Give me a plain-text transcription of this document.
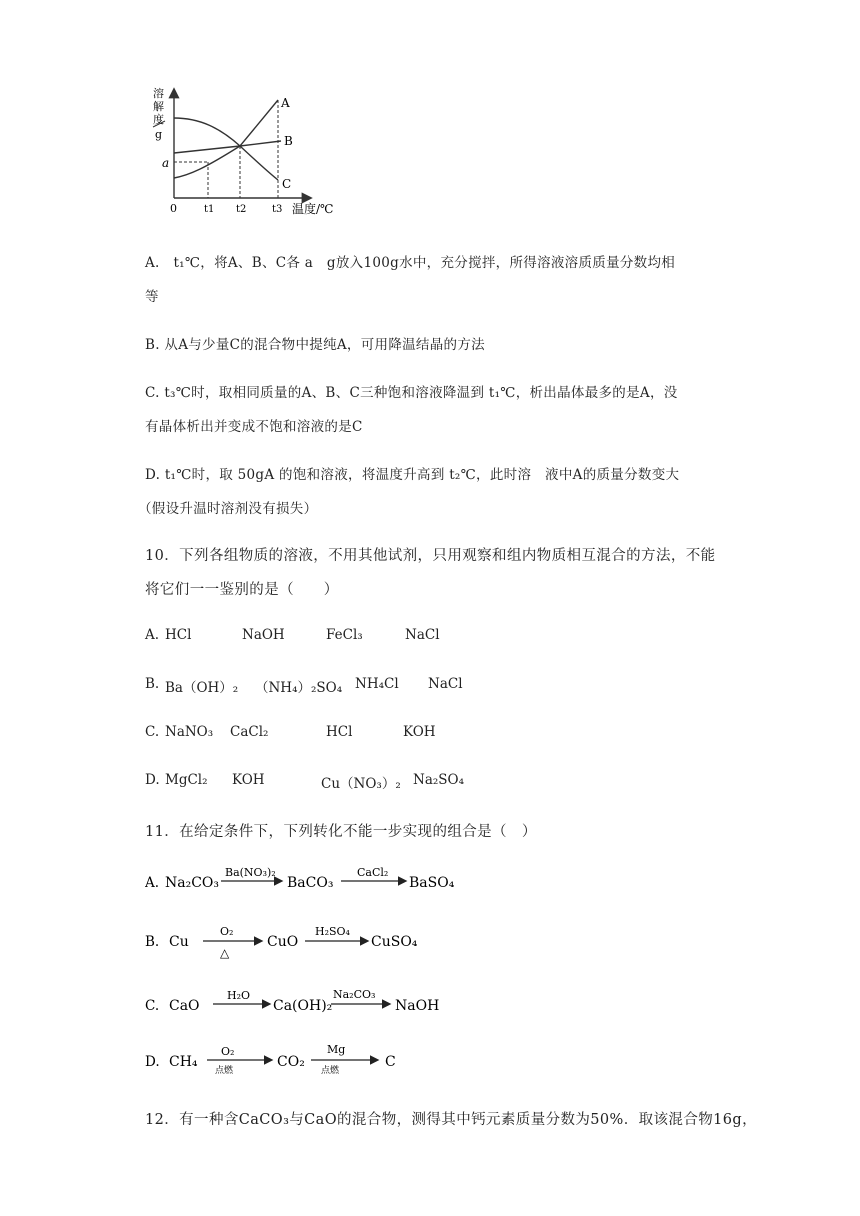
溶
解
度
g
A
B
C
a
0	t1 t2	t3 温度/℃
A.　t₁℃，将A、B、C各 a　g放入100g水中，充分搅拌，所得溶液溶质质量分数均相
等
B. 从A与少量C的混合物中提纯A，可用降温结晶的方法
C. t₃℃时，取相同质量的A、B、C三种饱和溶液降温到 t₁℃，析出晶体最多的是A，没
有晶体析出并变成不饱和溶液的是C
D. t₁℃时，取 50gA 的饱和溶液，将温度升高到 t₂℃，此时溶　液中A的质量分数变大
（假设升温时溶剂没有损失）
10．下列各组物质的溶液，不用其他试剂，只用观察和组内物质相互混合的方法，不能
将它们一一鉴别的是（　　）
A. HCl	NaOH	FeCl₃	NaCl
B. Ba（OH）₂ （NH₄）₂SO₄ NH₄Cl NaCl
C. NaNO₃ CaCl₂	HCl	KOH
D. MgCl₂ KOH	Cu（NO₃）₂ Na₂SO₄
11．在给定条件下，下列转化不能一步实现的组合是（　）
A. Na₂CO₃
Ba(NO₃)₂
BaCO₃
CaCl₂
BaSO₄
B. Cu
O₂
△
CuO
H₂SO₄
CuSO₄
C. CaO
H₂O
Ca(OH)₂
Na₂CO₃
NaOH
D. CH₄
O₂
点燃
CO₂
Mg
点燃
C
12．有一种含CaCO₃与CaO的混合物，测得其中钙元素质量分数为50%．取该混合物16g，
